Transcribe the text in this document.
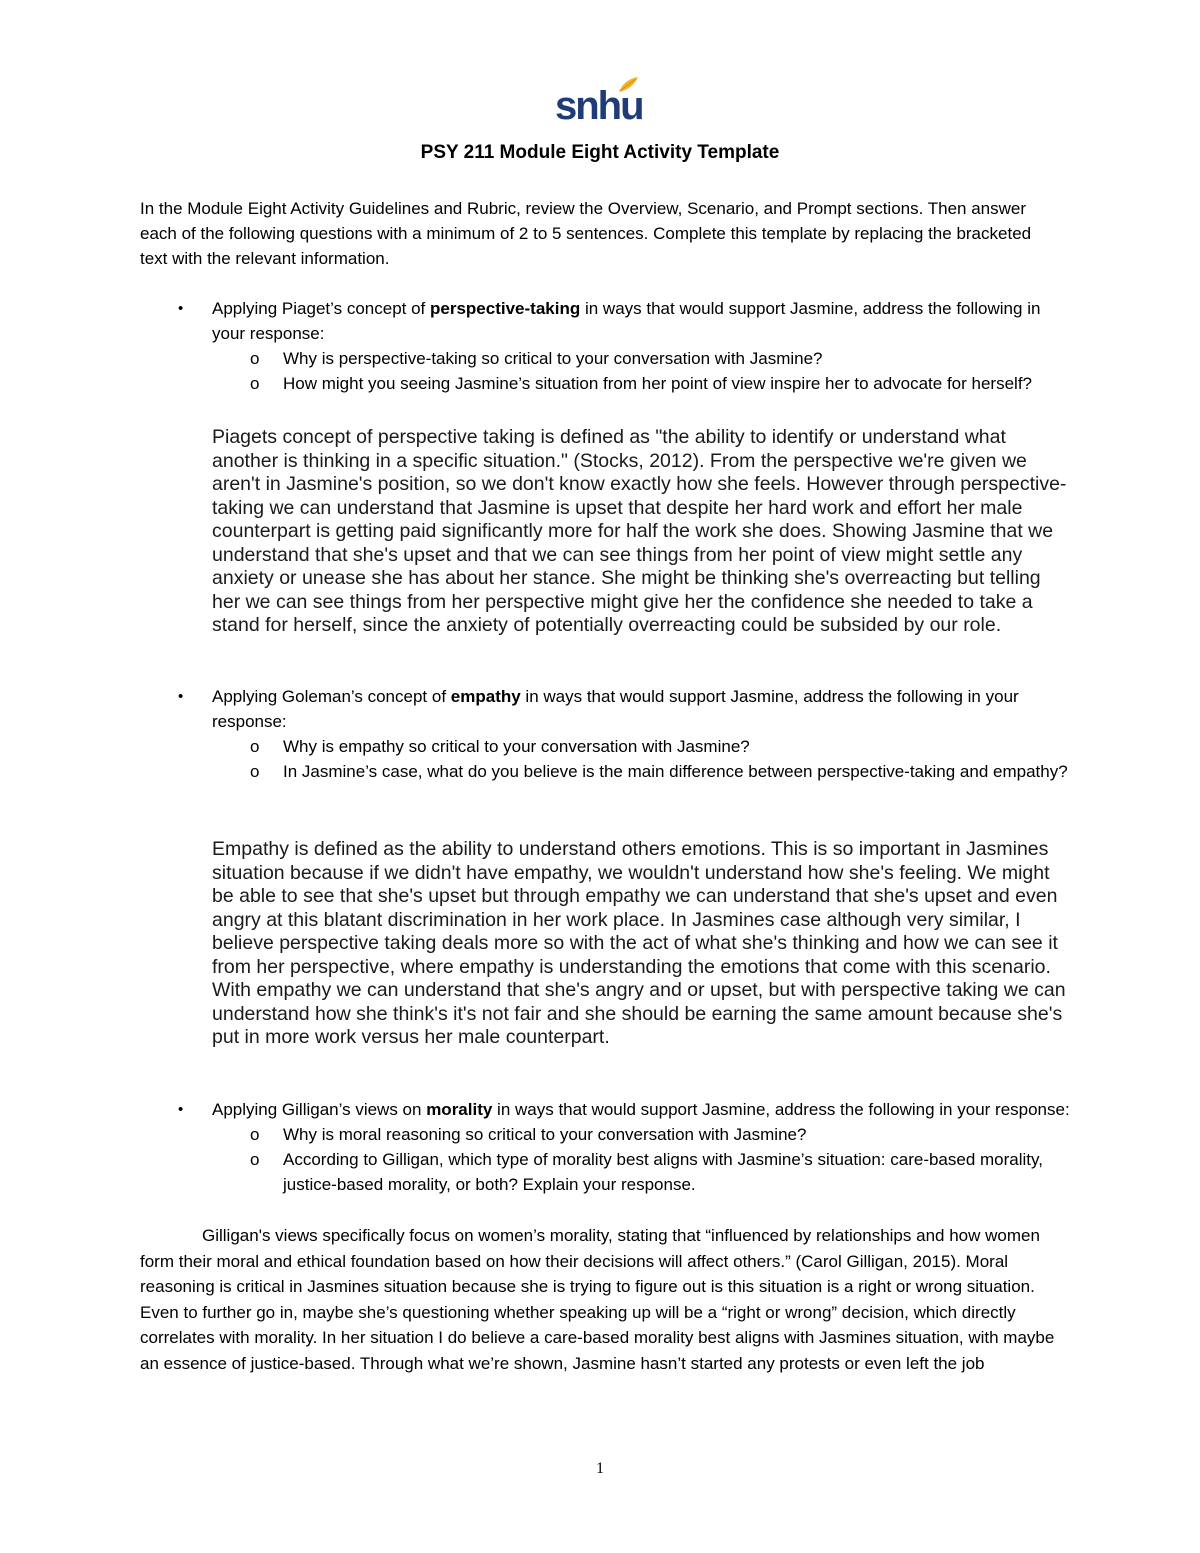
snhu
PSY 211 Module Eight Activity Template
In the Module Eight Activity Guidelines and Rubric, review the Overview, Scenario, and Prompt sections. Then answer each of the following questions with a minimum of 2 to 5 sentences. Complete this template by replacing the bracketed text with the relevant information.
• Applying Piaget’s concept of perspective-taking in ways that would support Jasmine, address the following in your response:
o Why is perspective-taking so critical to your conversation with Jasmine?
o How might you seeing Jasmine’s situation from her point of view inspire her to advocate for herself?
Piagets concept of perspective taking is defined as "the ability to identify or understand what another is thinking in a specific situation." (Stocks, 2012). From the perspective we're given we aren't in Jasmine's position, so we don't know exactly how she feels. However through perspective-taking we can understand that Jasmine is upset that despite her hard work and effort her male counterpart is getting paid significantly more for half the work she does. Showing Jasmine that we understand that she's upset and that we can see things from her point of view might settle any anxiety or unease she has about her stance. She might be thinking she's overreacting but telling her we can see things from her perspective might give her the confidence she needed to take a stand for herself, since the anxiety of potentially overreacting could be subsided by our role.
• Applying Goleman’s concept of empathy in ways that would support Jasmine, address the following in your response:
o Why is empathy so critical to your conversation with Jasmine?
o In Jasmine’s case, what do you believe is the main difference between perspective-taking and empathy?
Empathy is defined as the ability to understand others emotions. This is so important in Jasmines situation because if we didn't have empathy, we wouldn't understand how she's feeling. We might be able to see that she's upset but through empathy we can understand that she's upset and even angry at this blatant discrimination in her work place. In Jasmines case although very similar, I believe perspective taking deals more so with the act of what she's thinking and how we can see it from her perspective, where empathy is understanding the emotions that come with this scenario. With empathy we can understand that she's angry and or upset, but with perspective taking we can understand how she think's it's not fair and she should be earning the same amount because she's put in more work versus her male counterpart.
• Applying Gilligan’s views on morality in ways that would support Jasmine, address the following in your response:
o Why is moral reasoning so critical to your conversation with Jasmine?
o According to Gilligan, which type of morality best aligns with Jasmine’s situation: care-based morality, justice-based morality, or both? Explain your response.
Gilligan's views specifically focus on women’s morality, stating that “influenced by relationships and how women form their moral and ethical foundation based on how their decisions will affect others.” (Carol Gilligan, 2015). Moral reasoning is critical in Jasmines situation because she is trying to figure out is this situation is a right or wrong situation. Even to further go in, maybe she’s questioning whether speaking up will be a “right or wrong” decision, which directly correlates with morality. In her situation I do believe a care-based morality best aligns with Jasmines situation, with maybe an essence of justice-based. Through what we’re shown, Jasmine hasn’t started any protests or even left the job
1
